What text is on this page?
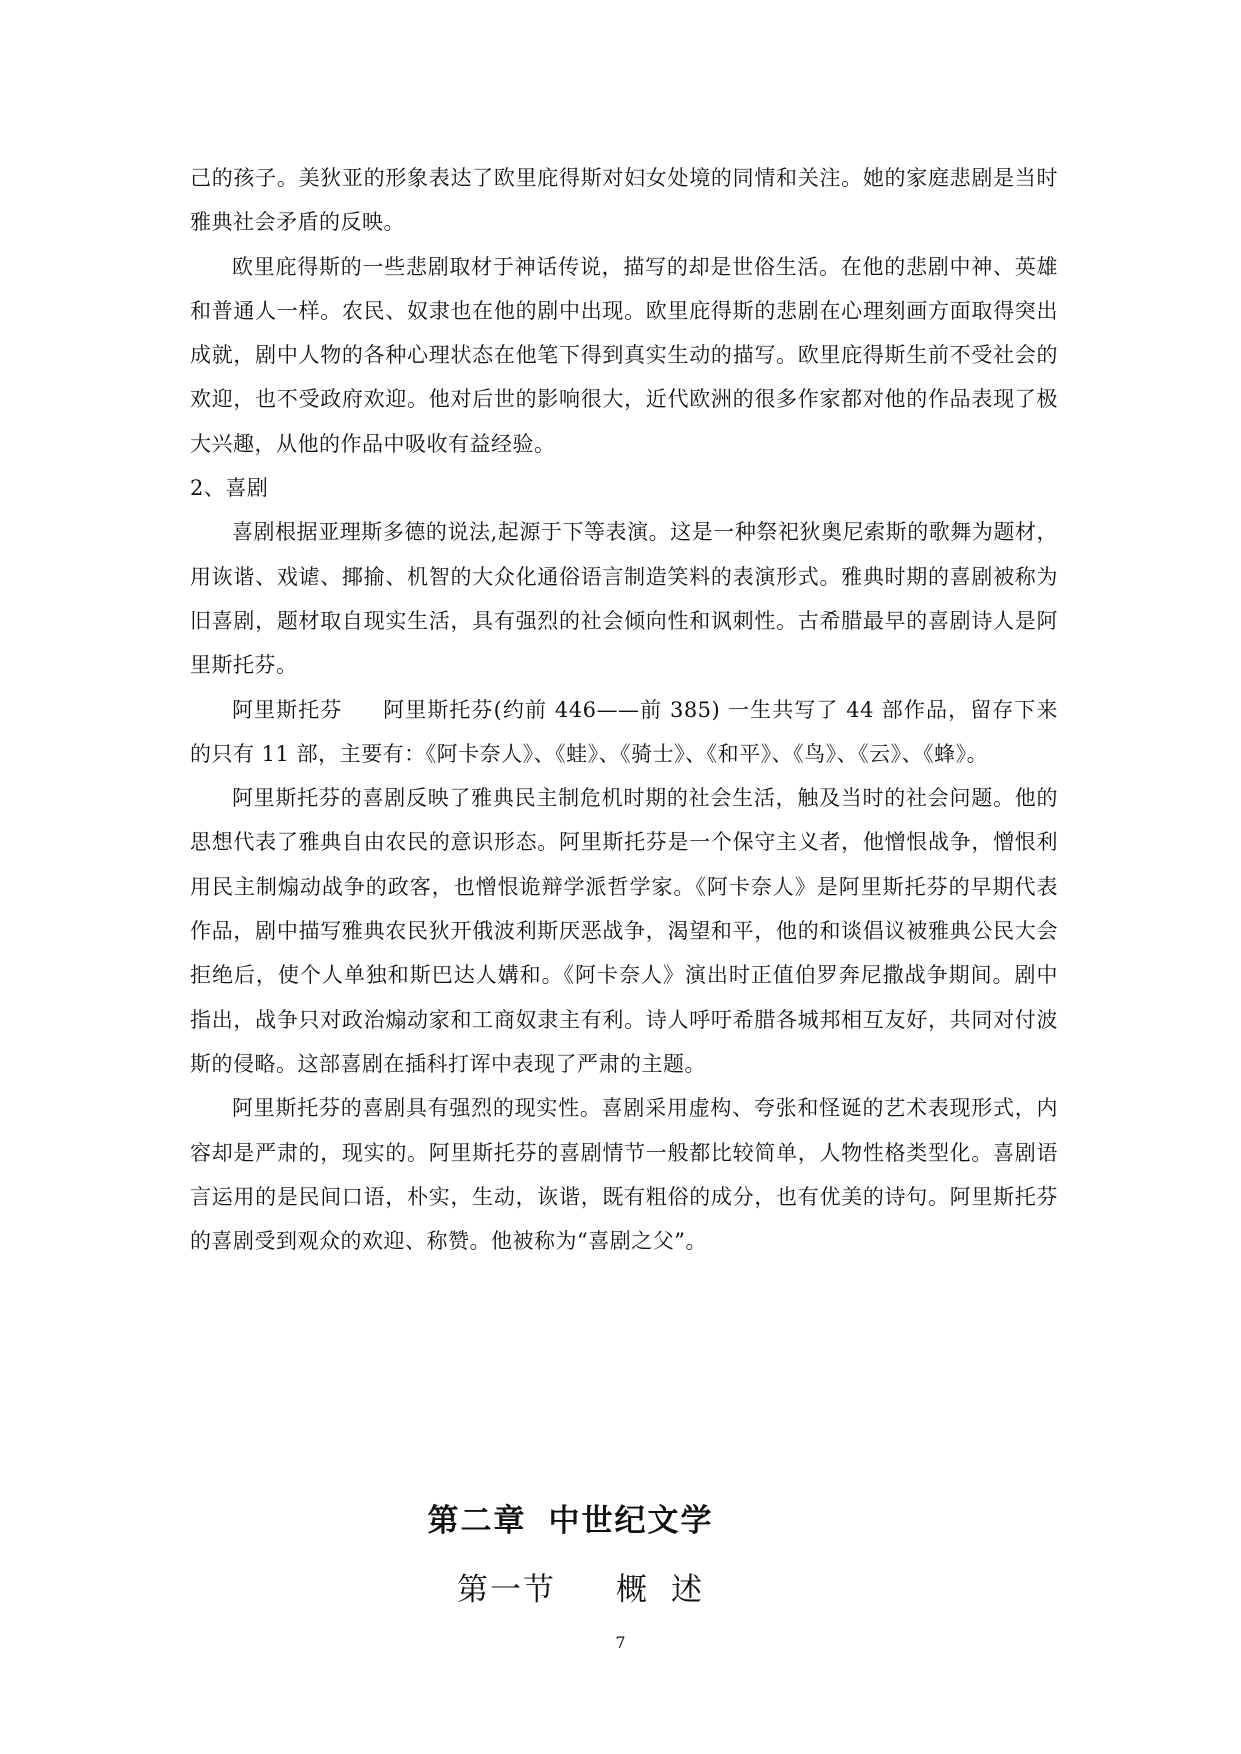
己的孩子。美狄亚的形象表达了欧里庇得斯对妇女处境的同情和关注。她的家庭悲剧是当时雅典社会矛盾的反映。

欧里庇得斯的一些悲剧取材于神话传说，描写的却是世俗生活。在他的悲剧中神、英雄和普通人一样。农民、奴隶也在他的剧中出现。欧里庇得斯的悲剧在心理刻画方面取得突出成就，剧中人物的各种心理状态在他笔下得到真实生动的描写。欧里庇得斯生前不受社会的欢迎，也不受政府欢迎。他对后世的影响很大，近代欧洲的很多作家都对他的作品表现了极大兴趣，从他的作品中吸收有益经验。

2、喜剧

喜剧根据亚理斯多德的说法,起源于下等表演。这是一种祭祀狄奥尼索斯的歌舞为题材，用诙谐、戏谑、揶揄、机智的大众化通俗语言制造笑料的表演形式。雅典时期的喜剧被称为旧喜剧，题材取自现实生活，具有强烈的社会倾向性和讽刺性。古希腊最早的喜剧诗人是阿里斯托芬。

阿里斯托芬 阿里斯托芬(约前 446——前 385) 一生共写了 44 部作品，留存下来的只有 11 部，主要有：《阿卡奈人》、《蛙》、《骑士》、《和平》、《鸟》、《云》、《蜂》。

阿里斯托芬的喜剧反映了雅典民主制危机时期的社会生活，触及当时的社会问题。他的思想代表了雅典自由农民的意识形态。阿里斯托芬是一个保守主义者，他憎恨战争，憎恨利用民主制煽动战争的政客，也憎恨诡辩学派哲学家。《阿卡奈人》是阿里斯托芬的早期代表作品，剧中描写雅典农民狄开俄波利斯厌恶战争，渴望和平，他的和谈倡议被雅典公民大会拒绝后，使个人单独和斯巴达人媾和。《阿卡奈人》演出时正值伯罗奔尼撒战争期间。剧中指出，战争只对政治煽动家和工商奴隶主有利。诗人呼吁希腊各城邦相互友好，共同对付波斯的侵略。这部喜剧在插科打诨中表现了严肃的主题。

阿里斯托芬的喜剧具有强烈的现实性。喜剧采用虚构、夸张和怪诞的艺术表现形式，内容却是严肃的，现实的。阿里斯托芬的喜剧情节一般都比较简单，人物性格类型化。喜剧语言运用的是民间口语，朴实，生动，诙谐，既有粗俗的成分，也有优美的诗句。阿里斯托芬的喜剧受到观众的欢迎、称赞。他被称为“喜剧之父”。

第二章 中世纪文学
第一节 概 述
7
